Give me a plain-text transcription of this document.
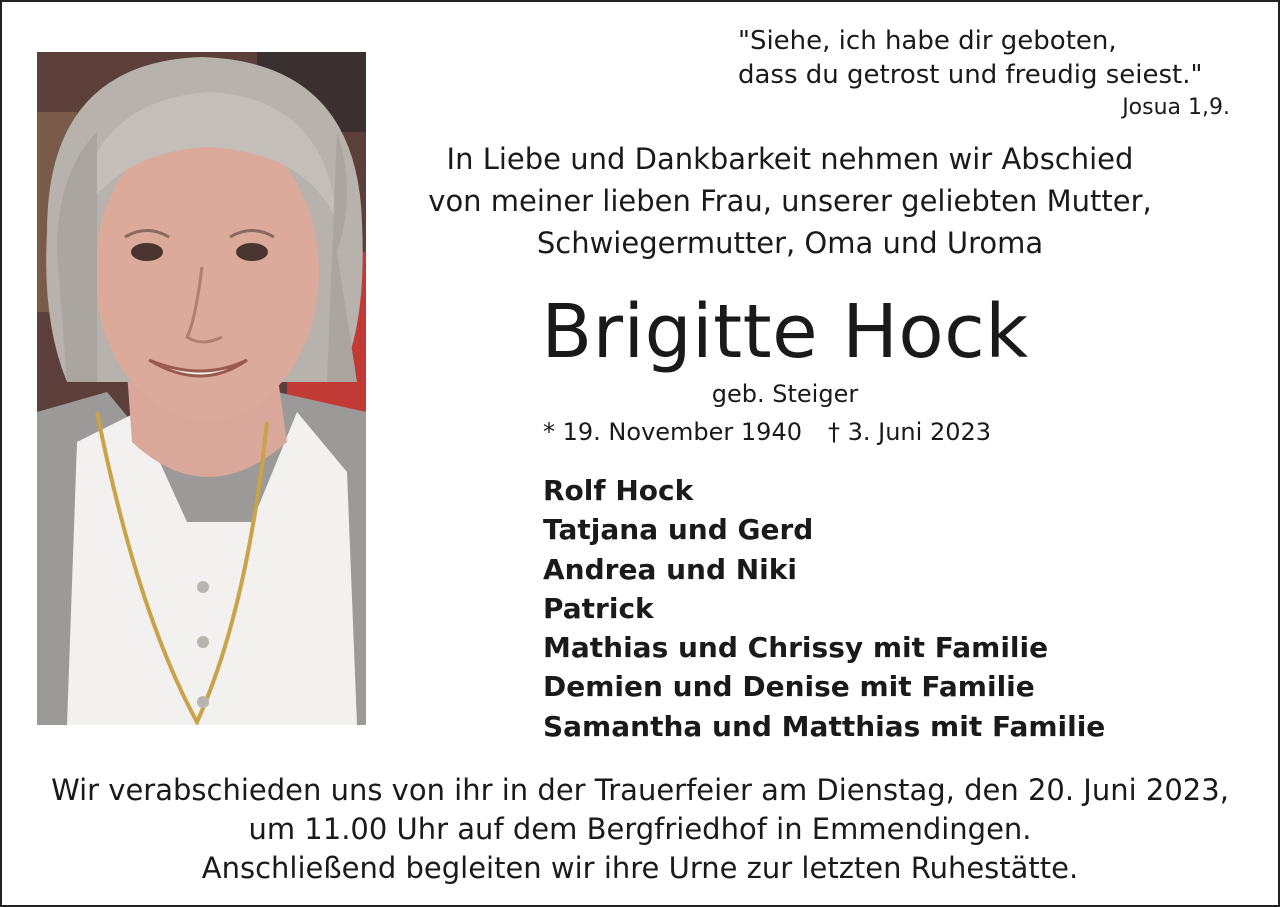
"Siehe, ich habe dir geboten,
dass du getrost und freudig seiest."
Josua 1,9.
In Liebe und Dankbarkeit nehmen wir Abschied
von meiner lieben Frau, unserer geliebten Mutter,
Schwiegermutter, Oma und Uroma
Brigitte Hock
geb. Steiger
* 19. November 1940 † 3. Juni 2023
Rolf Hock
Tatjana und Gerd
Andrea und Niki
Patrick
Mathias und Chrissy mit Familie
Demien und Denise mit Familie
Samantha und Matthias mit Familie
Wir verabschieden uns von ihr in der Trauerfeier am Dienstag, den 20. Juni 2023,
um 11.00 Uhr auf dem Bergfriedhof in Emmendingen.
Anschließend begleiten wir ihre Urne zur letzten Ruhestätte.
